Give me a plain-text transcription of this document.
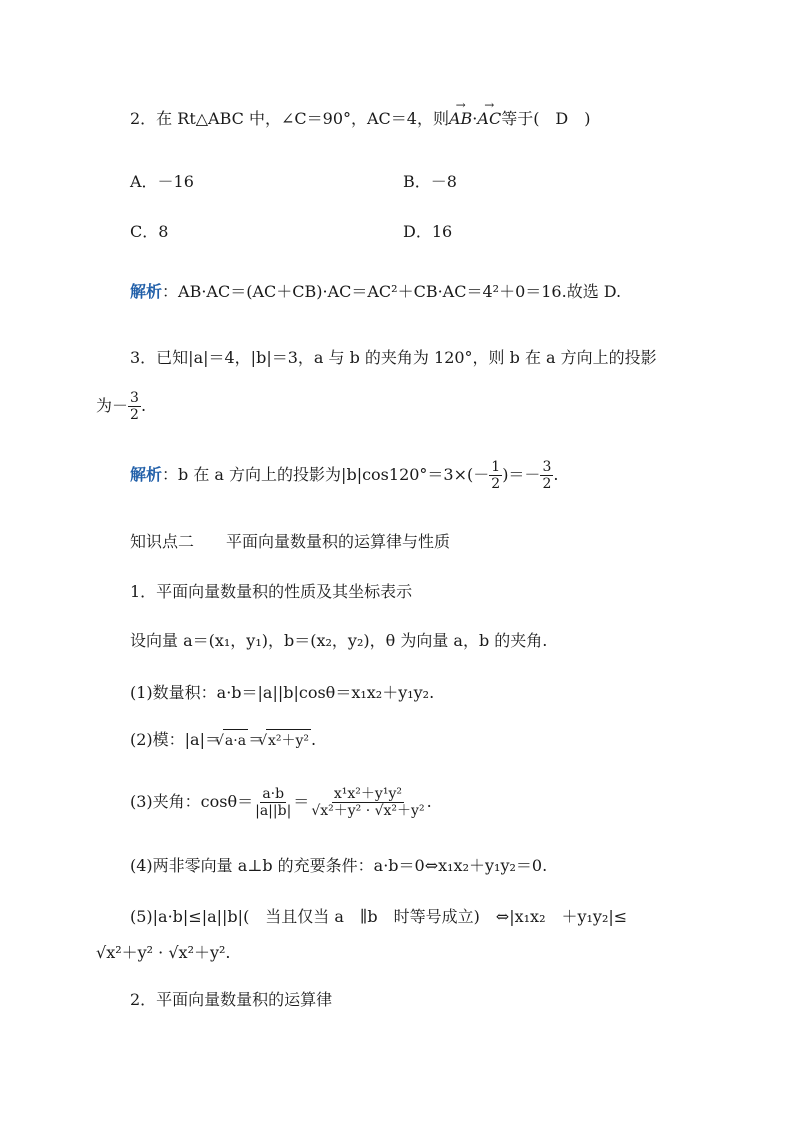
2．在 Rt△ABC 中，∠C＝90°，AC＝4，则→ AB·→ AC等于(　D　)
A．－16	B．－8
C．8	D．16
解析：AB·AC＝(AC＋CB)·AC＝AC²＋CB·AC＝4²＋0＝16.故选 D.
3．已知|a|＝4，|b|＝3，a 与 b 的夹角为 120°，则 b 在 a 方向上的投影
为－ $\frac{3}{2}$ .
解析：b 在 a 方向上的投影为$|b|\cos 120^\circ=3\times(- \frac{1}{2}$ )＝－ $\frac{3}{2}$ .
知识点二　　平面向量数量积的运算律与性质
1．平面向量数量积的性质及其坐标表示
设向量 a＝(x₁，y₁)，b＝(x₂，y₂)，θ 为向量 a，b 的夹角.
(1)数量积：a·b＝|a||b|cosθ＝x₁x₂＋y₁y₂.
(2)模：|a|＝ √ a·a ＝ √ x²＋y² .
(3)夹角：$\cos\theta= \frac{a\cdot b}{|a||b|} = \frac{\text{x¹x²＋y¹y²}}{\text{√x²＋y² · √x²＋y²}}$ .
(4)两非零向量 a⊥b 的充要条件：a·b＝0⇔x₁x₂＋y₁y₂＝0.
(5)|a·b|≤|a||b|(　当且仅当 a　∥b　时等号成立)　⇔|x₁x₂　＋y₁y₂|≤
√x²＋y² · √x²＋y².
2．平面向量数量积的运算律
